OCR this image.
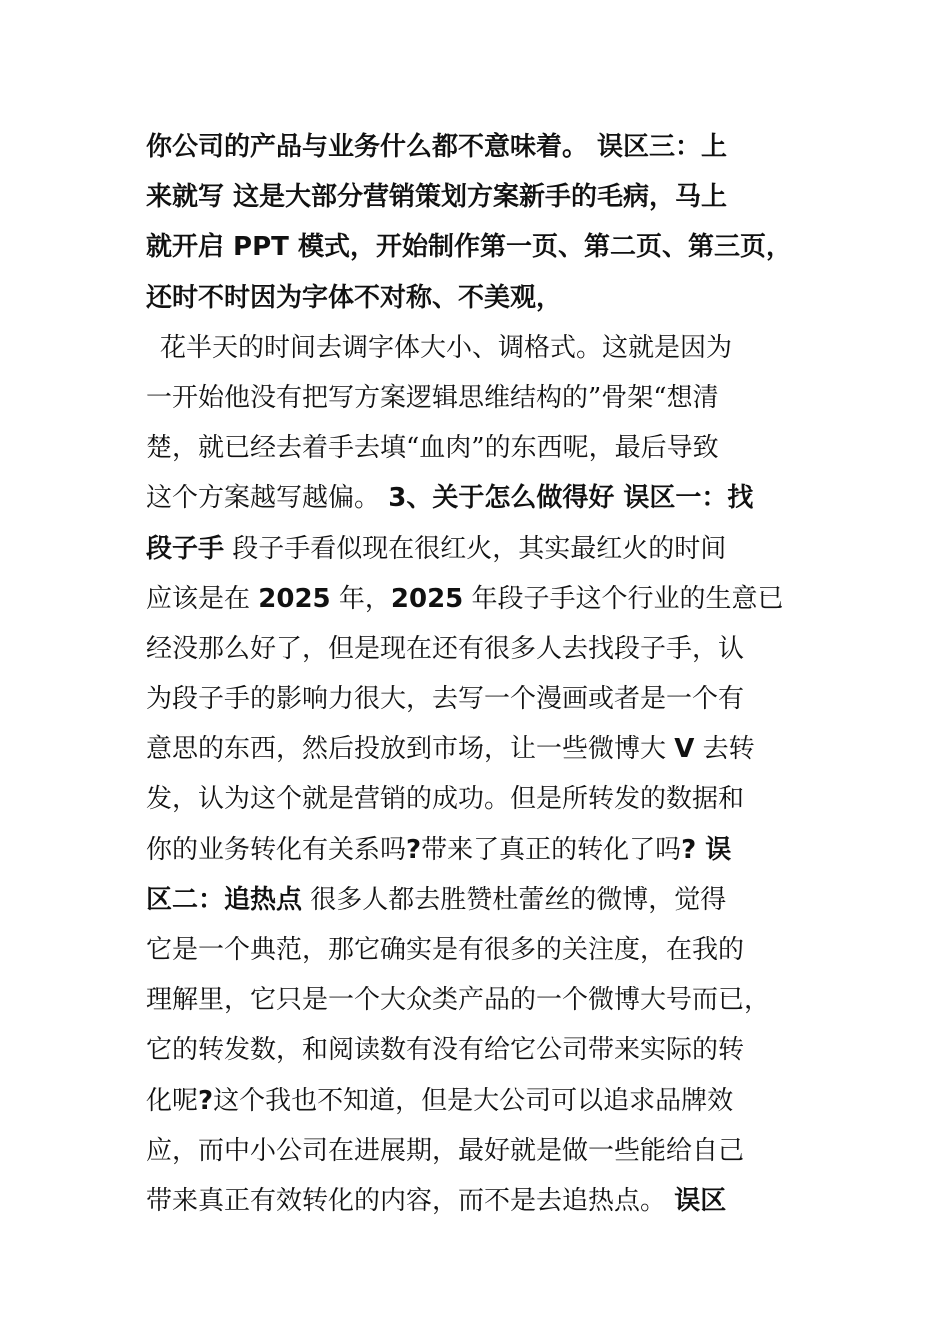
你公司的产品与业务什么都不意味着。 误区三：上
来就写 这是大部分营销策划方案新手的毛病，马上
就开启 PPT 模式，开始制作第一页、第二页、第三页，
还时不时因为字体不对称、不美观，
花半天的时间去调字体大小、调格式。这就是因为
一开始他没有把写方案逻辑思维结构的”骨架“想清
楚，就已经去着手去填“血肉”的东西呢，最后导致
这个方案越写越偏。 3、关于怎么做得好 误区一：找
段子手 段子手看似现在很红火，其实最红火的时间
应该是在 2025 年，2025 年段子手这个行业的生意已
经没那么好了，但是现在还有很多人去找段子手，认
为段子手的影响力很大，去写一个漫画或者是一个有
意思的东西，然后投放到市场，让一些微博大 V 去转
发，认为这个就是营销的成功。但是所转发的数据和
你的业务转化有关系吗?带来了真正的转化了吗? 误
区二：追热点 很多人都去胜赞杜蕾丝的微博，觉得
它是一个典范，那它确实是有很多的关注度，在我的
理解里，它只是一个大众类产品的一个微博大号而已，
它的转发数，和阅读数有没有给它公司带来实际的转
化呢?这个我也不知道，但是大公司可以追求品牌效
应，而中小公司在进展期，最好就是做一些能给自己
带来真正有效转化的内容，而不是去追热点。 误区
